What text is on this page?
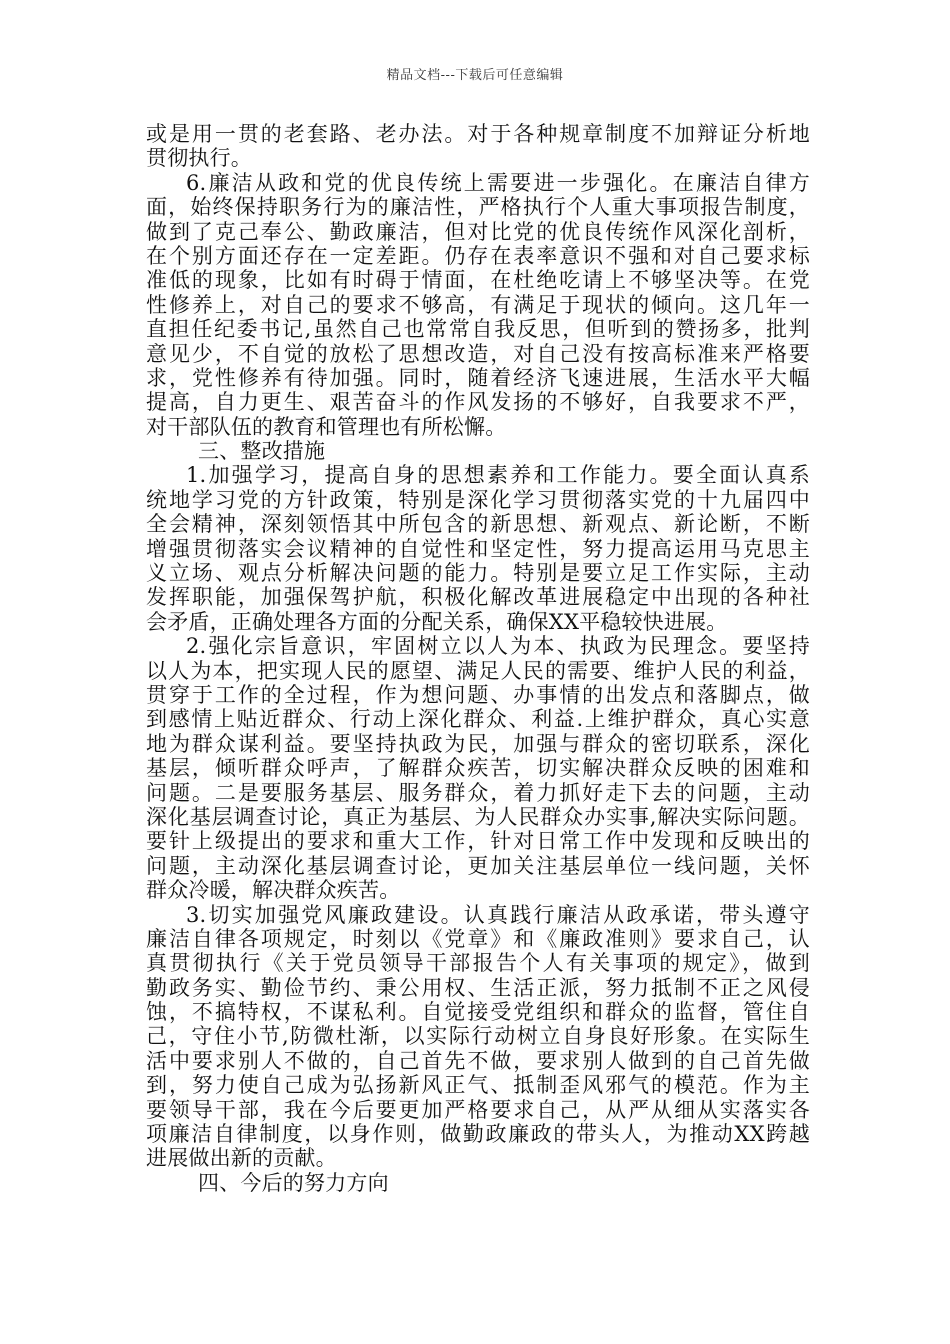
精品文档---下载后可任意编辑
或是用一贯的老套路、老办法。对于各种规章制度不加辩证分析地
贯彻执行。
6.廉洁从政和党的优良传统上需要进一步强化。在廉洁自律方
面，始终保持职务行为的廉洁性，严格执行个人重大事项报告制度，
做到了克己奉公、勤政廉洁，但对比党的优良传统作风深化剖析，
在个别方面还存在一定差距。仍存在表率意识不强和对自己要求标
准低的现象，比如有时碍于情面，在杜绝吃请上不够坚决等。在党
性修养上，对自己的要求不够高，有满足于现状的倾向。这几年一
直担任纪委书记,虽然自己也常常自我反思，但听到的赞扬多，批判
意见少，不自觉的放松了思想改造，对自己没有按高标准来严格要
求，党性修养有待加强。同时，随着经济飞速进展，生活水平大幅
提高，自力更生、艰苦奋斗的作风发扬的不够好，自我要求不严，
对干部队伍的教育和管理也有所松懈。
三、整改措施
1.加强学习，提高自身的思想素养和工作能力。要全面认真系
统地学习党的方针政策，特别是深化学习贯彻落实党的十九届四中
全会精神，深刻领悟其中所包含的新思想、新观点、新论断，不断
增强贯彻落实会议精神的自觉性和坚定性，努力提高运用马克思主
义立场、观点分析解决问题的能力。特别是要立足工作实际，主动
发挥职能，加强保驾护航，积极化解改革进展稳定中出现的各种社
会矛盾，正确处理各方面的分配关系，确保XX平稳较快进展。
2.强化宗旨意识，牢固树立以人为本、执政为民理念。要坚持
以人为本，把实现人民的愿望、满足人民的需要、维护人民的利益，
贯穿于工作的全过程，作为想问题、办事情的出发点和落脚点，做
到感情上贴近群众、行动上深化群众、利益.上维护群众，真心实意
地为群众谋利益。要坚持执政为民，加强与群众的密切联系，深化
基层，倾听群众呼声，了解群众疾苦，切实解决群众反映的困难和
问题。二是要服务基层、服务群众，着力抓好走下去的问题，主动
深化基层调查讨论，真正为基层、为人民群众办实事,解决实际问题。
要针上级提出的要求和重大工作，针对日常工作中发现和反映出的
问题，主动深化基层调查讨论，更加关注基层单位一线问题，关怀
群众冷暖，解决群众疾苦。
3.切实加强党风廉政建设。认真践行廉洁从政承诺，带头遵守
廉洁自律各项规定，时刻以《党章》和《廉政准则》要求自己，认
真贯彻执行《关于党员领导干部报告个人有关事项的规定》，做到
勤政务实、勤俭节约、秉公用权、生活正派，努力抵制不正之风侵
蚀，不搞特权，不谋私利。自觉接受党组织和群众的监督，管住自
己，守住小节,防微杜渐，以实际行动树立自身良好形象。在实际生
活中要求别人不做的，自己首先不做，要求别人做到的自己首先做
到，努力使自己成为弘扬新风正气、抵制歪风邪气的模范。作为主
要领导干部，我在今后要更加严格要求自己，从严从细从实落实各
项廉洁自律制度，以身作则，做勤政廉政的带头人，为推动XX跨越
进展做出新的贡献。
四、今后的努力方向
